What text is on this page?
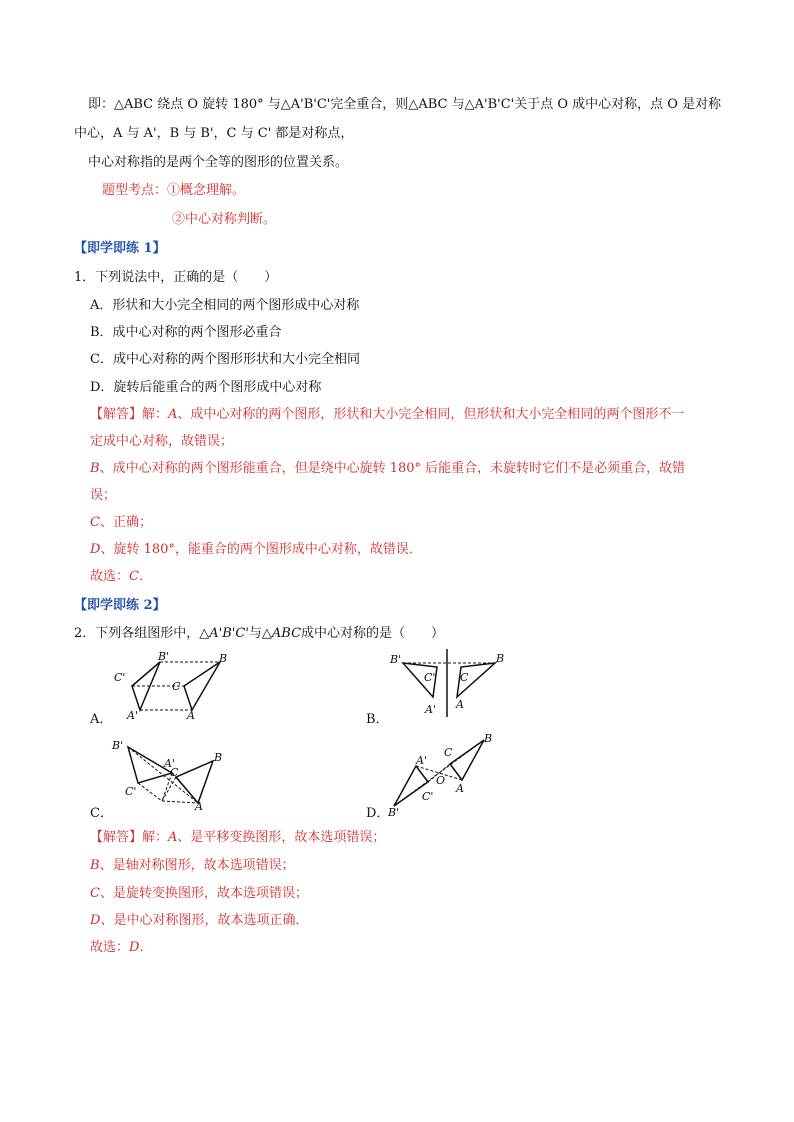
即：△ABC 绕点 O 旋转 180° 与△A'B'C'完全重合，则△ABC 与△A'B'C'关于点 O 成中心对称，点 O 是对称
中心，A 与 A'，B 与 B'，C 与 C' 都是对称点，
中心对称指的是两个全等的图形的位置关系。
题型考点：①概念理解。
②中心对称判断。
【即学即练 1】
1．下列说法中，正确的是（　　）
A．形状和大小完全相同的两个图形成中心对称
B．成中心对称的两个图形必重合
C．成中心对称的两个图形形状和大小完全相同
D．旋转后能重合的两个图形成中心对称
【解答】解：A、成中心对称的两个图形，形状和大小完全相同，但形状和大小完全相同的两个图形不一
定成中心对称，故错误；
B、成中心对称的两个图形能重合，但是绕中心旋转 180° 后能重合，未旋转时它们不是必须重合，故错
误；
C、正确；
D、旋转 180°，能重合的两个图形成中心对称，故错误．
故选：C．
【即学即练 2】
2．下列各组图形中，△A'B'C'与△ABC成中心对称的是（　　）
A．
C'
B'	B
C
A'	A	B．
B'	B
C' C
A' A
C．
B'
A'
C
B
C'
A	D．
A'
C
B
O
A
C'
B'
【解答】解：A、是平移变换图形，故本选项错误；
B、是轴对称图形，故本选项错误；
C、是旋转变换图形，故本选项错误；
D、是中心对称图形，故本选项正确．
故选：D．
